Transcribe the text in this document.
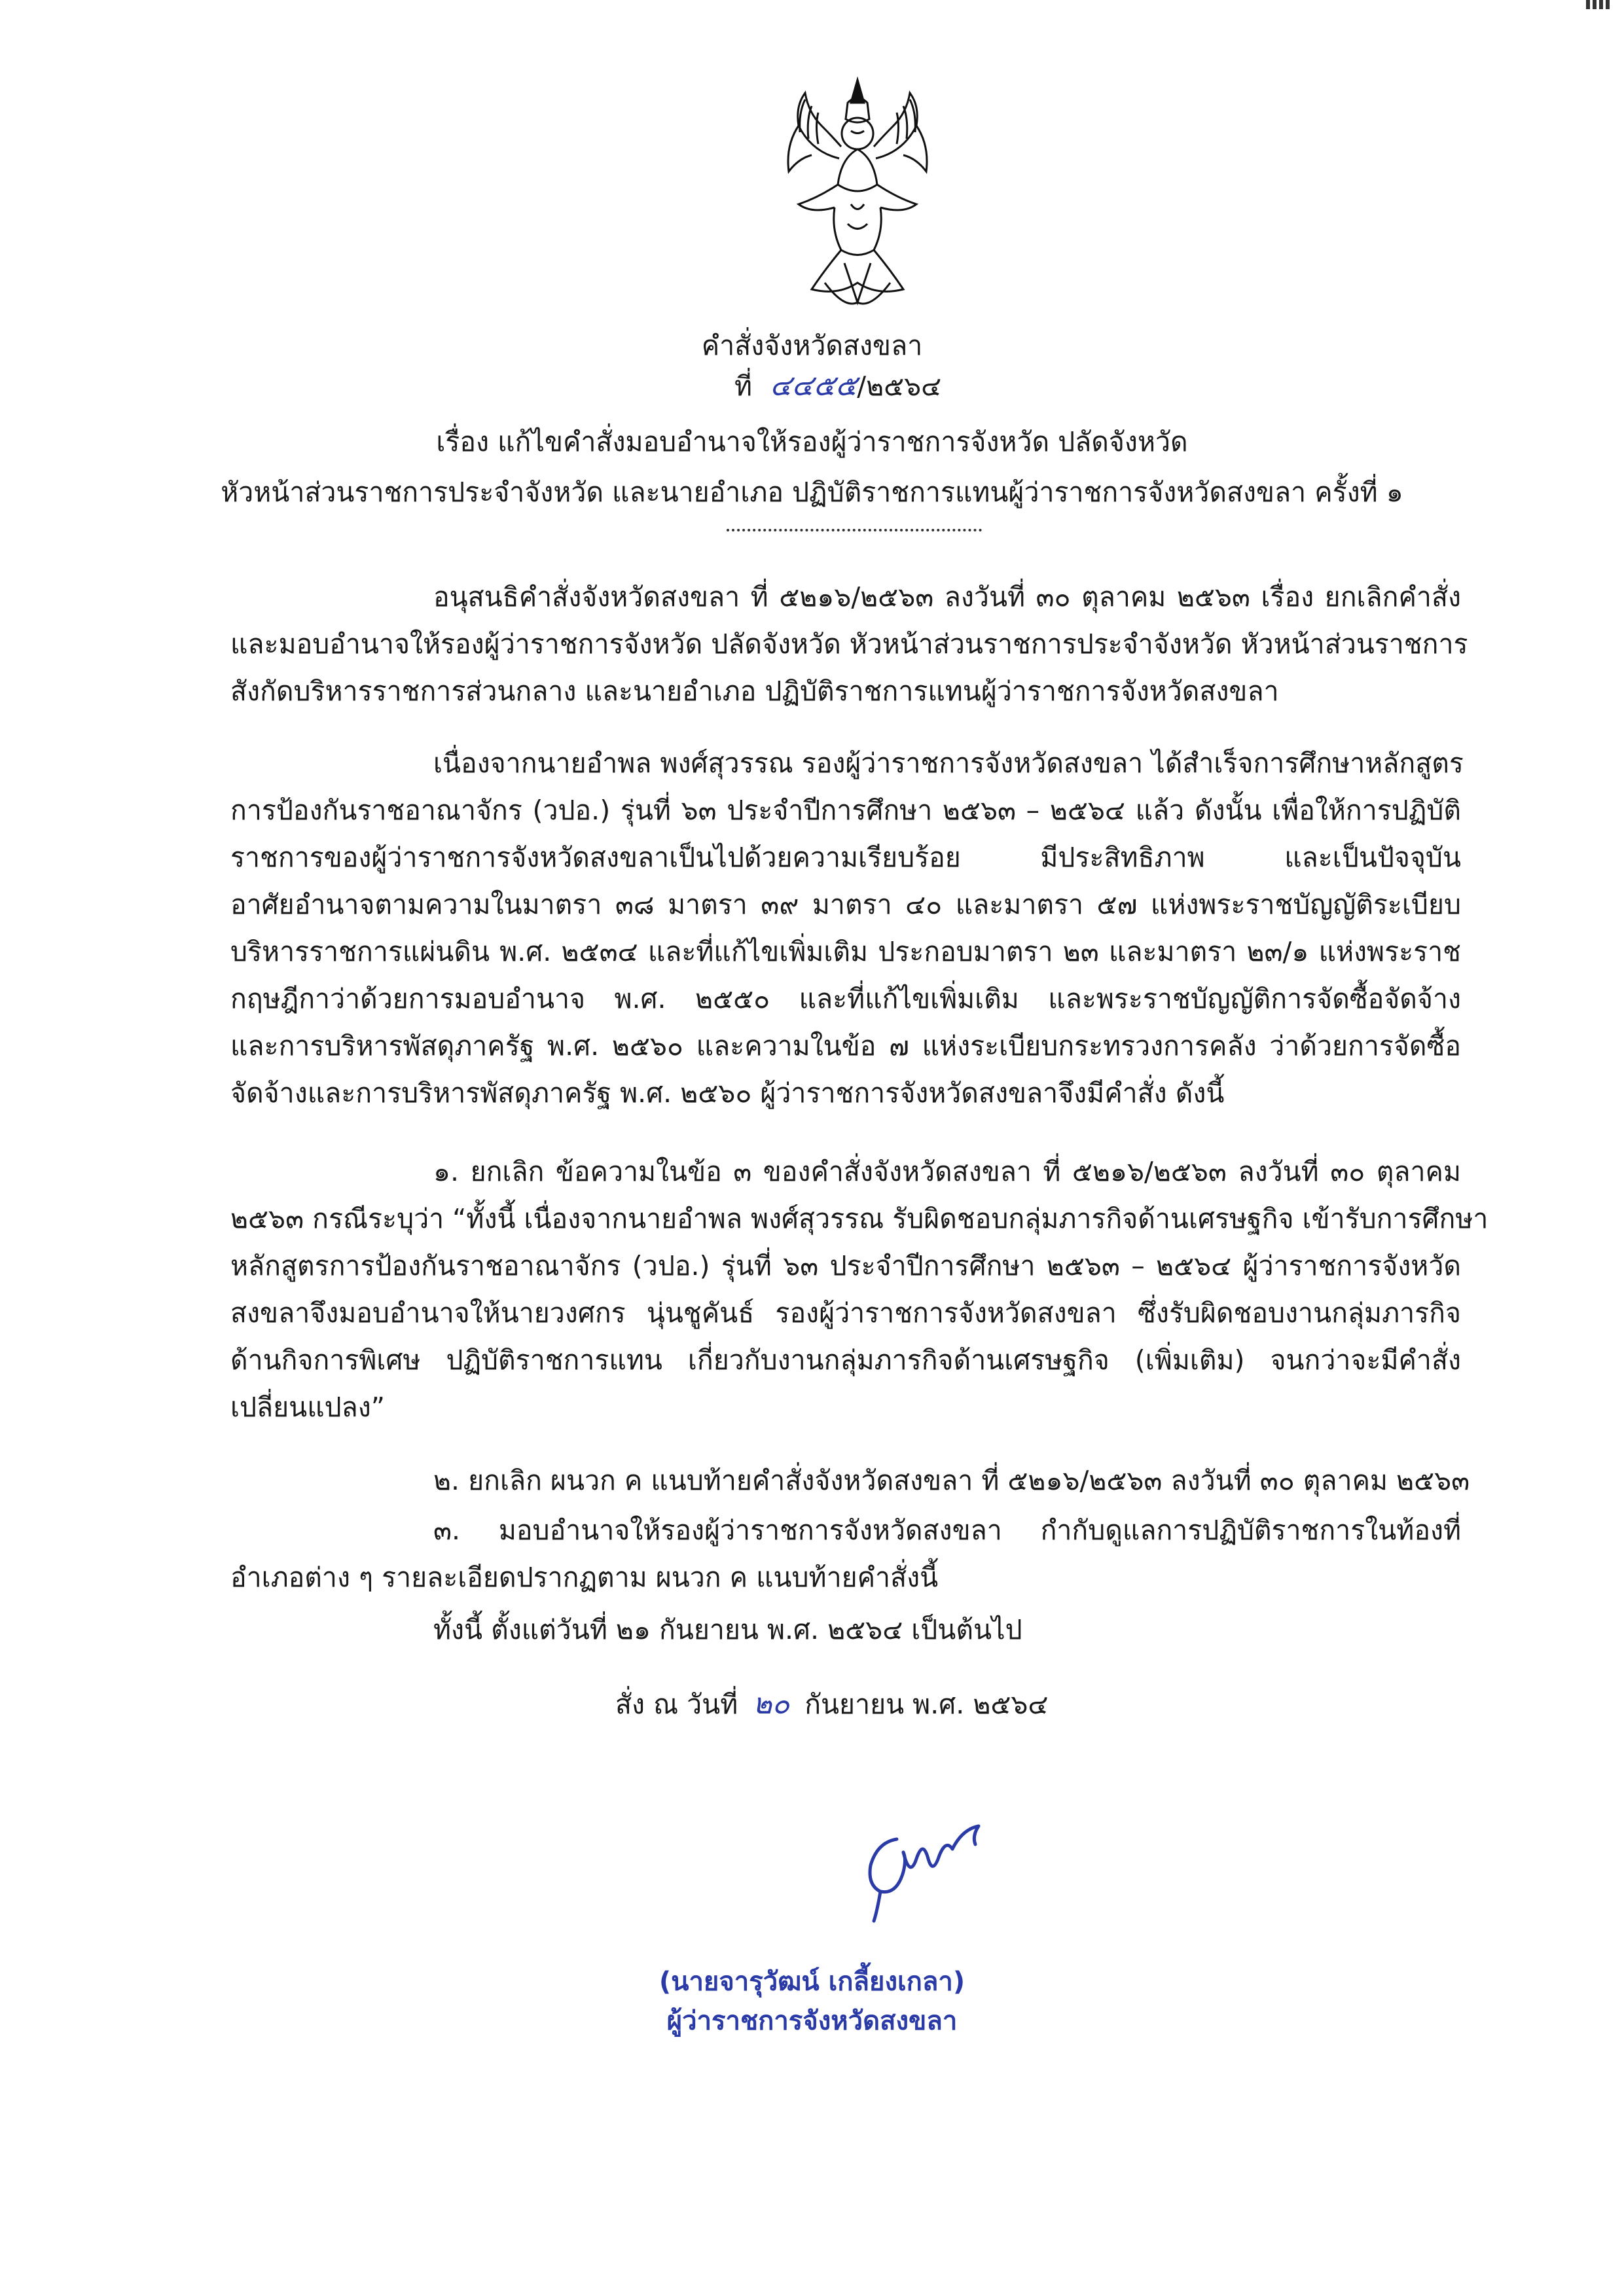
คำสั่งจังหวัดสงขลา
ที่ ๔๔๕๕/๒๕๖๔
เรื่อง แก้ไขคำสั่งมอบอำนาจให้รองผู้ว่าราชการจังหวัด ปลัดจังหวัด
หัวหน้าส่วนราชการประจำจังหวัด และนายอำเภอ ปฏิบัติราชการแทนผู้ว่าราชการจังหวัดสงขลา ครั้งที่ ๑
อนุสนธิคำสั่งจังหวัดสงขลา ที่ ๕๒๑๖/๒๕๖๓ ลงวันที่ ๓๐ ตุลาคม ๒๕๖๓ เรื่อง ยกเลิกคำสั่ง
และมอบอำนาจให้รองผู้ว่าราชการจังหวัด ปลัดจังหวัด หัวหน้าส่วนราชการประจำจังหวัด หัวหน้าส่วนราชการ
สังกัดบริหารราชการส่วนกลาง และนายอำเภอ ปฏิบัติราชการแทนผู้ว่าราชการจังหวัดสงขลา
เนื่องจากนายอำพล พงศ์สุวรรณ รองผู้ว่าราชการจังหวัดสงขลา ได้สำเร็จการศึกษาหลักสูตร
การป้องกันราชอาณาจักร (วปอ.) รุ่นที่ ๖๓ ประจำปีการศึกษา ๒๕๖๓ – ๒๕๖๔ แล้ว ดังนั้น เพื่อให้การปฏิบัติ
ราชการของผู้ว่าราชการจังหวัดสงขลาเป็นไปด้วยความเรียบร้อย มีประสิทธิภาพ และเป็นปัจจุบัน
อาศัยอำนาจตามความในมาตรา ๓๘ มาตรา ๓๙ มาตรา ๔๐ และมาตรา ๕๗ แห่งพระราชบัญญัติระเบียบ
บริหารราชการแผ่นดิน พ.ศ. ๒๕๓๔ และที่แก้ไขเพิ่มเติม ประกอบมาตรา ๒๓ และมาตรา ๒๓/๑ แห่งพระราช
กฤษฎีกาว่าด้วยการมอบอำนาจ พ.ศ. ๒๕๕๐ และที่แก้ไขเพิ่มเติม และพระราชบัญญัติการจัดซื้อจัดจ้าง
และการบริหารพัสดุภาครัฐ พ.ศ. ๒๕๖๐ และความในข้อ ๗ แห่งระเบียบกระทรวงการคลัง ว่าด้วยการจัดซื้อ
จัดจ้างและการบริหารพัสดุภาครัฐ พ.ศ. ๒๕๖๐ ผู้ว่าราชการจังหวัดสงขลาจึงมีคำสั่ง ดังนี้
๑. ยกเลิก ข้อความในข้อ ๓ ของคำสั่งจังหวัดสงขลา ที่ ๕๒๑๖/๒๕๖๓ ลงวันที่ ๓๐ ตุลาคม
๒๕๖๓ กรณีระบุว่า “ทั้งนี้ เนื่องจากนายอำพล พงศ์สุวรรณ รับผิดชอบกลุ่มภารกิจด้านเศรษฐกิจ เข้ารับการศึกษา
หลักสูตรการป้องกันราชอาณาจักร (วปอ.) รุ่นที่ ๖๓ ประจำปีการศึกษา ๒๕๖๓ – ๒๕๖๔ ผู้ว่าราชการจังหวัด
สงขลาจึงมอบอำนาจให้นายวงศกร นุ่นชูคันธ์ รองผู้ว่าราชการจังหวัดสงขลา ซึ่งรับผิดชอบงานกลุ่มภารกิจ
ด้านกิจการพิเศษ ปฏิบัติราชการแทน เกี่ยวกับงานกลุ่มภารกิจด้านเศรษฐกิจ (เพิ่มเติม) จนกว่าจะมีคำสั่ง
เปลี่ยนแปลง”
๒. ยกเลิก ผนวก ค แนบท้ายคำสั่งจังหวัดสงขลา ที่ ๕๒๑๖/๒๕๖๓ ลงวันที่ ๓๐ ตุลาคม ๒๕๖๓
๓. มอบอำนาจให้รองผู้ว่าราชการจังหวัดสงขลา กำกับดูแลการปฏิบัติราชการในท้องที่
อำเภอต่าง ๆ รายละเอียดปรากฏตาม ผนวก ค แนบท้ายคำสั่งนี้
ทั้งนี้ ตั้งแต่วันที่ ๒๑ กันยายน พ.ศ. ๒๕๖๔ เป็นต้นไป
สั่ง ณ วันที่ ๒๐ กันยายน พ.ศ. ๒๕๖๔
(นายจารุวัฒน์ เกลี้ยงเกลา)
ผู้ว่าราชการจังหวัดสงขลา
